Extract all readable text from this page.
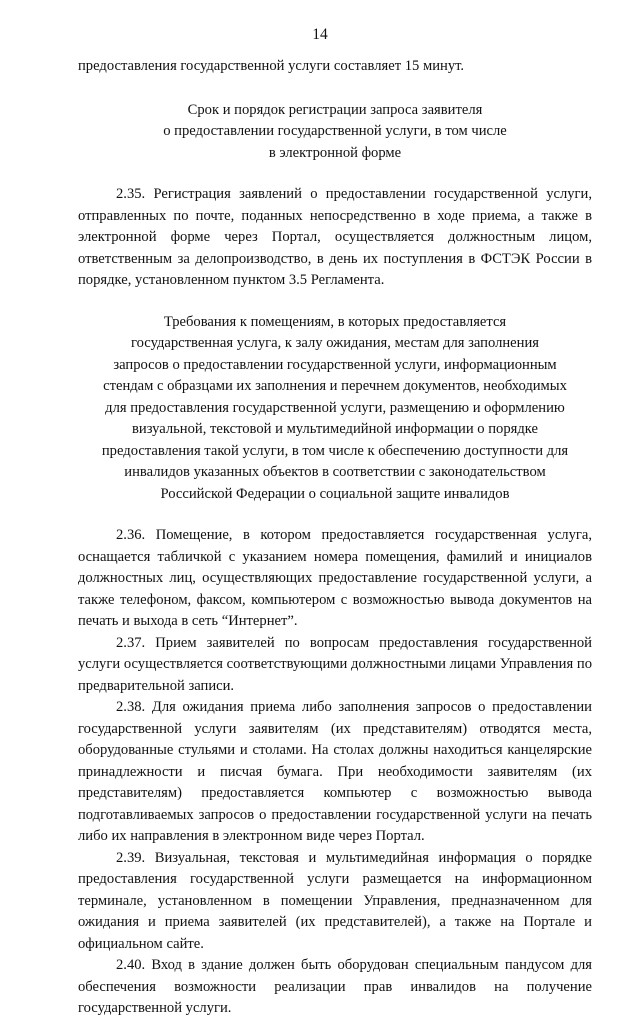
14

предоставления государственной услуги составляет 15 минут.

Срок и порядок регистрации запроса заявителя
о предоставлении государственной услуги, в том числе
в электронной форме

2.35. Регистрация заявлений о предоставлении государственной услуги, отправленных по почте, поданных непосредственно в ходе приема, а также в электронной форме через Портал, осуществляется должностным лицом, ответственным за делопроизводство, в день их поступления в ФСТЭК России в порядке, установленном пунктом 3.5 Регламента.

Требования к помещениям, в которых предоставляется
государственная услуга, к залу ожидания, местам для заполнения
запросов о предоставлении государственной услуги, информационным
стендам с образцами их заполнения и перечнем документов, необходимых
для предоставления государственной услуги, размещению и оформлению
визуальной, текстовой и мультимедийной информации о порядке
предоставления такой услуги, в том числе к обеспечению доступности для
инвалидов указанных объектов в соответствии с законодательством
Российской Федерации о социальной защите инвалидов

2.36. Помещение, в котором предоставляется государственная услуга, оснащается табличкой с указанием номера помещения, фамилий и инициалов должностных лиц, осуществляющих предоставление государственной услуги, а также телефоном, факсом, компьютером с возможностью вывода документов на печать и выхода в сеть “Интернет”.

2.37. Прием заявителей по вопросам предоставления государственной услуги осуществляется соответствующими должностными лицами Управления по предварительной записи.

2.38. Для ожидания приема либо заполнения запросов о предоставлении государственной услуги заявителям (их представителям) отводятся места, оборудованные стульями и столами. На столах должны находиться канцелярские принадлежности и писчая бумага. При необходимости заявителям (их представителям) предоставляется компьютер с возможностью вывода подготавливаемых запросов о предоставлении государственной услуги на печать либо их направления в электронном виде через Портал.

2.39. Визуальная, текстовая и мультимедийная информация о порядке предоставления государственной услуги размещается на информационном терминале, установленном в помещении Управления, предназначенном для ожидания и приема заявителей (их представителей), а также на Портале и официальном сайте.

2.40. Вход в здание должен быть оборудован специальным пандусом для обеспечения возможности реализации прав инвалидов на получение государственной услуги.
